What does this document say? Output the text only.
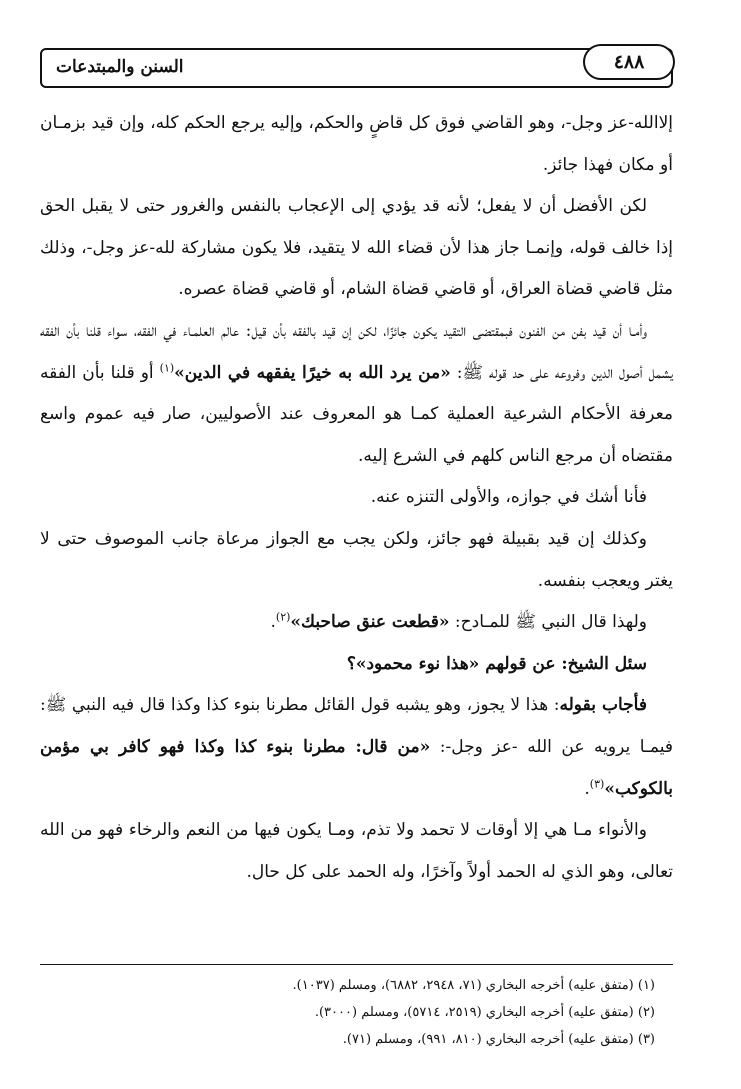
السنن والمبتدعات	٤٨٨

إلاالله-عز وجل-، وهو القاضي فوق كل قاضٍ والحكم، وإليه يرجع الحكم كله، وإن قيد بزمـان أو مكان فهذا جائز.

لكن الأفضل أن لا يفعل؛ لأنه قد يؤدي إلى الإعجاب بالنفس والغرور حتى لا يقبل الحق إذا خالف قوله، وإنمـا جاز هذا لأن قضاء الله لا يتقيد، فلا يكون مشاركة لله-عز وجل-، وذلك مثل قاضي قضاة العراق، أو قاضي قضاة الشام، أو قاضي قضاة عصره.

وأمـا أن قيد بفن من الفنون فبمقتضى التقيد يكون جائزًا، لكن إن قيد بالفقه بأن قيل: عالم العلمـاء في الفقه، سواء قلنا بأن الفقه يشمل أصول الدين وفروعه على حد قوله ﷺ: «من يرد الله به خيرًا يفقهه في الدين»$^{(١)}$ أو قلنا بأن الفقه معرفة الأحكام الشرعية العملية كمـا هو المعروف عند الأصوليين، صار فيه عموم واسع مقتضاه أن مرجع الناس كلهم في الشرع إليه.

فأنا أشك في جوازه، والأولى التنزه عنه.

وكذلك إن قيد بقبيلة فهو جائز، ولكن يجب مع الجواز مرعاة جانب الموصوف حتى لا يغتر ويعجب بنفسه.

ولهذا قال النبي ﷺ للمـادح: «قطعت عنق صاحبك»$^{(٢)}$.

سئل الشيخ: عن قولهم «هذا نوء محمود»؟

فأجاب بقوله: هذا لا يجوز، وهو يشبه قول القائل مطرنا بنوء كذا وكذا قال فيه النبي ﷺ: فيمـا يرويه عن الله -عز وجل-: «من قال: مطرنا بنوء كذا وكذا فهو كافر بي مؤمن بالكوكب»$^{(٣)}$.

والأنواء مـا هي إلا أوقات لا تحمد ولا تذم، ومـا يكون فيها من النعم والرخاء فهو من الله تعالى، وهو الذي له الحمد أولاً وآخرًا، وله الحمد على كل حال.

(١) (متفق عليه) أخرجه البخاري (٧١، ٢٩٤٨، ٦٨٨٢)، ومسلم (١٠٣٧).

(٢) (متفق عليه) أخرجه البخاري (٢٥١٩، ٥٧١٤)، ومسلم (٣٠٠٠).

(٣) (متفق عليه) أخرجه البخاري (٨١٠، ٩٩١)، ومسلم (٧١).
